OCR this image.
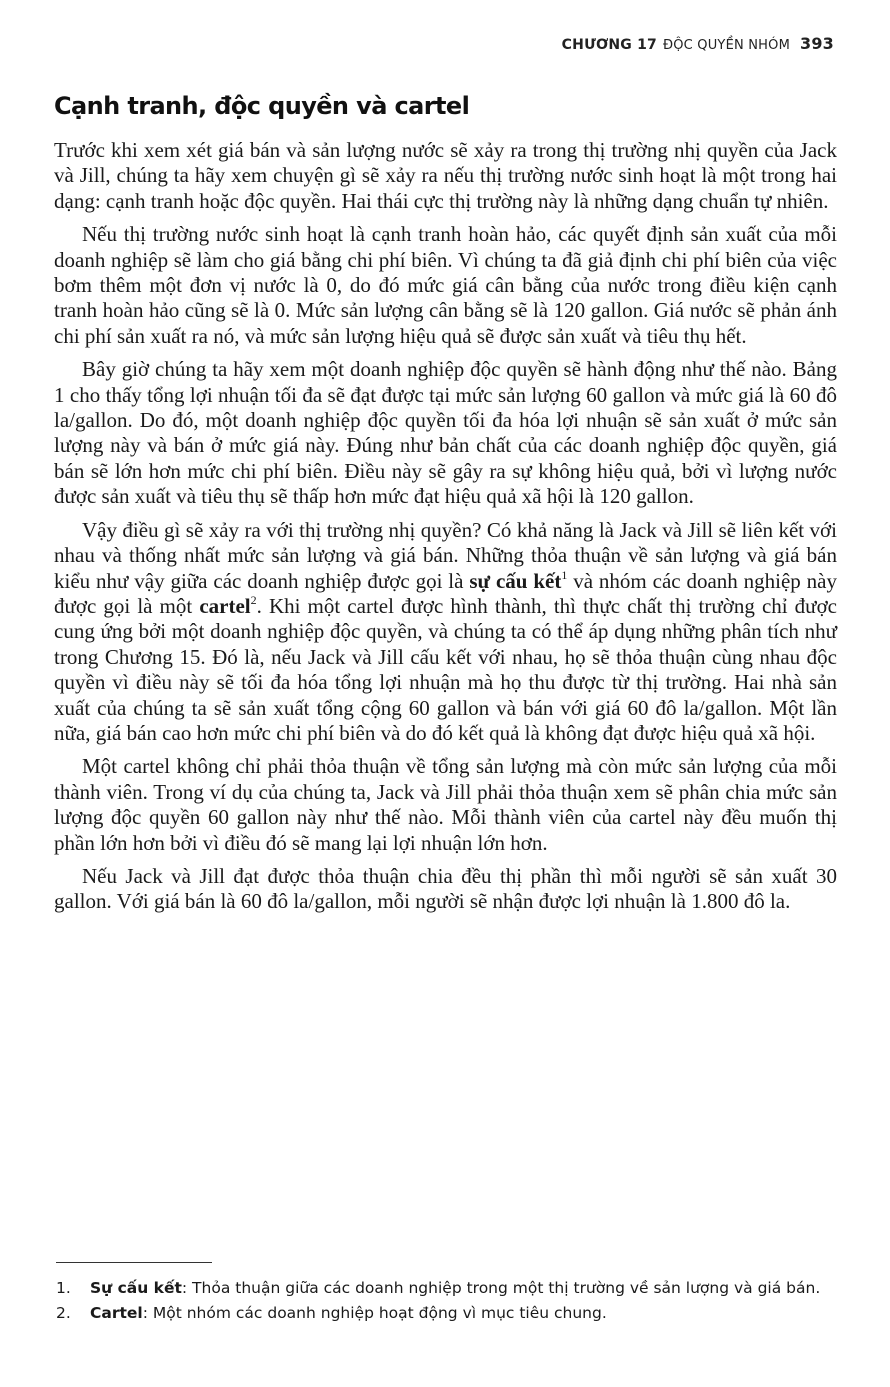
CHƯƠNG 17 ĐỘC QUYỀN NHÓM 393
Cạnh tranh, độc quyền và cartel

Trước khi xem xét giá bán và sản lượng nước sẽ xảy ra trong thị trường nhị quyền của Jack và Jill, chúng ta hãy xem chuyện gì sẽ xảy ra nếu thị trường nước sinh hoạt là một trong hai dạng: cạnh tranh hoặc độc quyền. Hai thái cực thị trường này là những dạng chuẩn tự nhiên.

Nếu thị trường nước sinh hoạt là cạnh tranh hoàn hảo, các quyết định sản xuất của mỗi doanh nghiệp sẽ làm cho giá bằng chi phí biên. Vì chúng ta đã giả định chi phí biên của việc bơm thêm một đơn vị nước là 0, do đó mức giá cân bằng của nước trong điều kiện cạnh tranh hoàn hảo cũng sẽ là 0. Mức sản lượng cân bằng sẽ là 120 gallon. Giá nước sẽ phản ánh chi phí sản xuất ra nó, và mức sản lượng hiệu quả sẽ được sản xuất và tiêu thụ hết.

Bây giờ chúng ta hãy xem một doanh nghiệp độc quyền sẽ hành động như thế nào. Bảng 1 cho thấy tổng lợi nhuận tối đa sẽ đạt được tại mức sản lượng 60 gallon và mức giá là 60 đô la/gallon. Do đó, một doanh nghiệp độc quyền tối đa hóa lợi nhuận sẽ sản xuất ở mức sản lượng này và bán ở mức giá này. Đúng như bản chất của các doanh nghiệp độc quyền, giá bán sẽ lớn hơn mức chi phí biên. Điều này sẽ gây ra sự không hiệu quả, bởi vì lượng nước được sản xuất và tiêu thụ sẽ thấp hơn mức đạt hiệu quả xã hội là 120 gallon.

Vậy điều gì sẽ xảy ra với thị trường nhị quyền? Có khả năng là Jack và Jill sẽ liên kết với nhau và thống nhất mức sản lượng và giá bán. Những thỏa thuận về sản lượng và giá bán kiểu như vậy giữa các doanh nghiệp được gọi là sự cấu kết$^1$ và nhóm các doanh nghiệp này được gọi là một cartel$^2$. Khi một cartel được hình thành, thì thực chất thị trường chỉ được cung ứng bởi một doanh nghiệp độc quyền, và chúng ta có thể áp dụng những phân tích như trong Chương 15. Đó là, nếu Jack và Jill cấu kết với nhau, họ sẽ thỏa thuận cùng nhau độc quyền vì điều này sẽ tối đa hóa tổng lợi nhuận mà họ thu được từ thị trường. Hai nhà sản xuất của chúng ta sẽ sản xuất tổng cộng 60 gallon và bán với giá 60 đô la/gallon. Một lần nữa, giá bán cao hơn mức chi phí biên và do đó kết quả là không đạt được hiệu quả xã hội.

Một cartel không chỉ phải thỏa thuận về tổng sản lượng mà còn mức sản lượng của mỗi thành viên. Trong ví dụ của chúng ta, Jack và Jill phải thỏa thuận xem sẽ phân chia mức sản lượng độc quyền 60 gallon này như thế nào. Mỗi thành viên của cartel này đều muốn thị phần lớn hơn bởi vì điều đó sẽ mang lại lợi nhuận lớn hơn.

Nếu Jack và Jill đạt được thỏa thuận chia đều thị phần thì mỗi người sẽ sản xuất 30 gallon. Với giá bán là 60 đô la/gallon, mỗi người sẽ nhận được lợi nhuận là 1.800 đô la.

1. Sự cấu kết: Thỏa thuận giữa các doanh nghiệp trong một thị trường về sản lượng và giá bán.

2. Cartel: Một nhóm các doanh nghiệp hoạt động vì mục tiêu chung.
